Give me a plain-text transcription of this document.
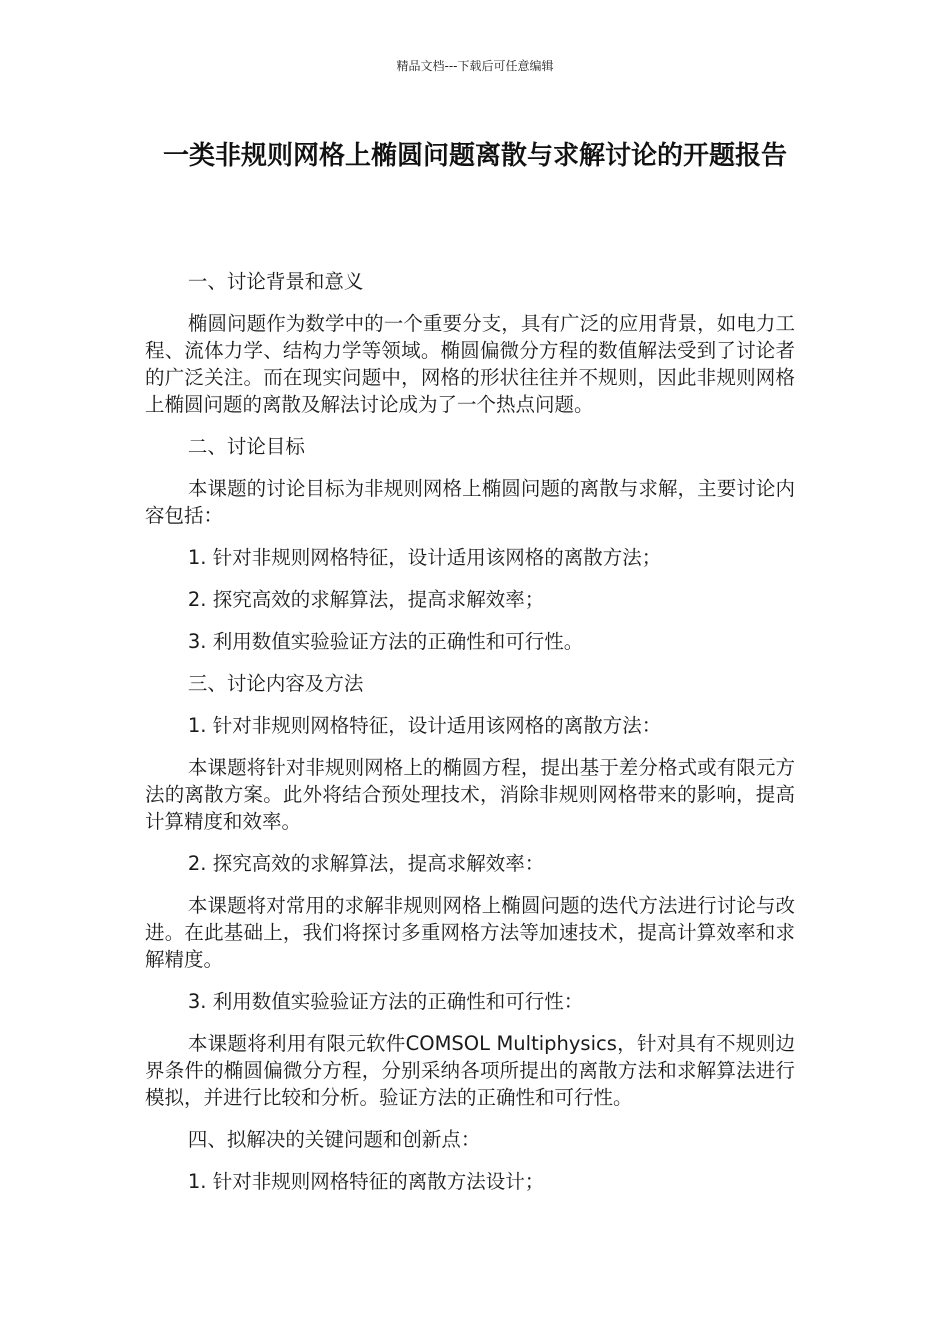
精品文档---下载后可任意编辑
一类非规则网格上椭圆问题离散与求解讨论的开题报告

一、讨论背景和意义

椭圆问题作为数学中的一个重要分支，具有广泛的应用背景，如电力工程、流体力学、结构力学等领域。椭圆偏微分方程的数值解法受到了讨论者的广泛关注。而在现实问题中，网格的形状往往并不规则，因此非规则网格上椭圆问题的离散及解法讨论成为了一个热点问题。

二、讨论目标

本课题的讨论目标为非规则网格上椭圆问题的离散与求解，主要讨论内容包括：

1. 针对非规则网格特征，设计适用该网格的离散方法；

2. 探究高效的求解算法，提高求解效率；

3. 利用数值实验验证方法的正确性和可行性。

三、讨论内容及方法

1. 针对非规则网格特征，设计适用该网格的离散方法：

本课题将针对非规则网格上的椭圆方程，提出基于差分格式或有限元方法的离散方案。此外将结合预处理技术，消除非规则网格带来的影响，提高计算精度和效率。

2. 探究高效的求解算法，提高求解效率：

本课题将对常用的求解非规则网格上椭圆问题的迭代方法进行讨论与改进。在此基础上，我们将探讨多重网格方法等加速技术，提高计算效率和求解精度。

3. 利用数值实验验证方法的正确性和可行性：

本课题将利用有限元软件COMSOL Multiphysics，针对具有不规则边界条件的椭圆偏微分方程，分别采纳各项所提出的离散方法和求解算法进行模拟，并进行比较和分析。验证方法的正确性和可行性。

四、拟解决的关键问题和创新点：

1. 针对非规则网格特征的离散方法设计；
